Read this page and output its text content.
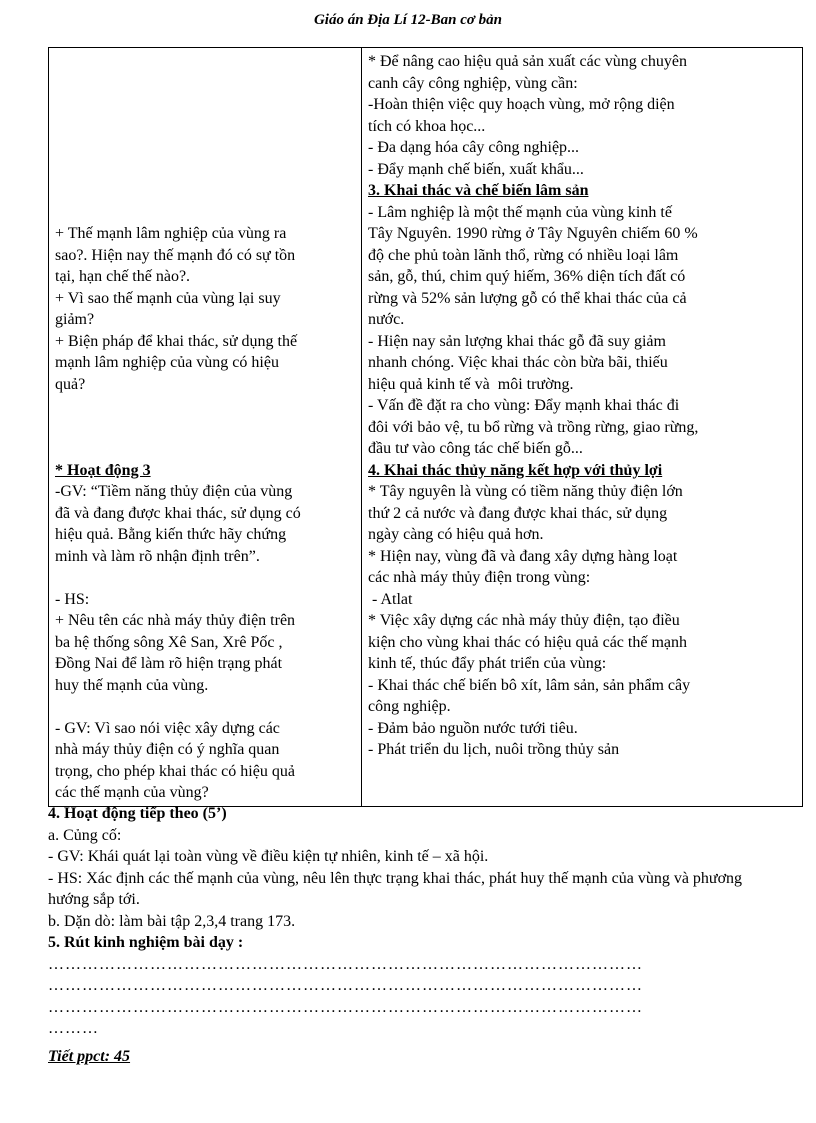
Giáo án Địa Lí 12-Ban cơ bản
+ Thế mạnh lâm nghiệp của vùng ra
sao?. Hiện nay thế mạnh đó có sự tồn
tại, hạn chế thế nào?.
+ Vì sao thế mạnh của vùng lại suy
giảm?
+ Biện pháp để khai thác, sử dụng thế
mạnh lâm nghiệp của vùng có hiệu
quả?
* Hoạt động 3
-GV: “Tiềm năng thủy điện của vùng
đã và đang được khai thác, sử dụng có
hiệu quả. Bằng kiến thức hãy chứng
minh và làm rõ nhận định trên”.
- HS:
+ Nêu tên các nhà máy thủy điện trên
ba hệ thống sông Xê San, Xrê Pốc ,
Đồng Nai để làm rõ hiện trạng phát
huy thế mạnh của vùng.
- GV: Vì sao nói việc xây dựng các
nhà máy thủy điện có ý nghĩa quan
trọng, cho phép khai thác có hiệu quả
các thế mạnh của vùng?

* Để nâng cao hiệu quả sản xuất các vùng chuyên
canh cây công nghiệp, vùng cần:
-Hoàn thiện việc quy hoạch vùng, mở rộng diện
tích có khoa học...
- Đa dạng hóa cây công nghiệp...
- Đẩy mạnh chế biến, xuất khẩu...
3. Khai thác và chế biến lâm sản
- Lâm nghiệp là một thế mạnh của vùng kinh tế
Tây Nguyên. 1990 rừng ở Tây Nguyên chiếm 60 %
độ che phủ toàn lãnh thổ, rừng có nhiều loại lâm
sản, gỗ, thú, chim quý hiếm, 36% diện tích đất có
rừng và 52% sản lượng gỗ có thể khai thác của cả
nước.
- Hiện nay sản lượng khai thác gỗ đã suy giảm
nhanh chóng. Việc khai thác còn bừa bãi, thiếu
hiệu quả kinh tế và  môi trường.
- Vấn đề đặt ra cho vùng: Đẩy mạnh khai thác đi
đôi với bảo vệ, tu bổ rừng và trồng rừng, giao rừng,
đầu tư vào công tác chế biến gỗ...
4. Khai thác thủy năng kết hợp với thủy lợi
* Tây nguyên là vùng có tiềm năng thủy điện lớn
thứ 2 cả nước và đang được khai thác, sử dụng
ngày càng có hiệu quả hơn.
* Hiện nay, vùng đã và đang xây dựng hàng loạt
các nhà máy thủy điện trong vùng:
- Atlat
* Việc xây dựng các nhà máy thủy điện, tạo điều
kiện cho vùng khai thác có hiệu quả các thế mạnh
kinh tế, thúc đẩy phát triển của vùng:
- Khai thác chế biến bô xít, lâm sản, sản phẩm cây
công nghiệp.
- Đảm bảo nguồn nước tưới tiêu.
- Phát triển du lịch, nuôi trồng thủy sản
4. Hoạt động tiếp theo (5’)
a. Củng cố:
- GV: Khái quát lại toàn vùng về điều kiện tự nhiên, kinh tế – xã hội.
- HS: Xác định các thế mạnh của vùng, nêu lên thực trạng khai thác, phát huy thế mạnh của vùng và phương hướng sắp tới.
b. Dặn dò: làm bài tập 2,3,4 trang 173.
5. Rút kinh nghiệm bài dạy :
……………………………………………………………………………………………
……………………………………………………………………………………………
……………………………………………………………………………………………
………
Tiết ppct: 45
